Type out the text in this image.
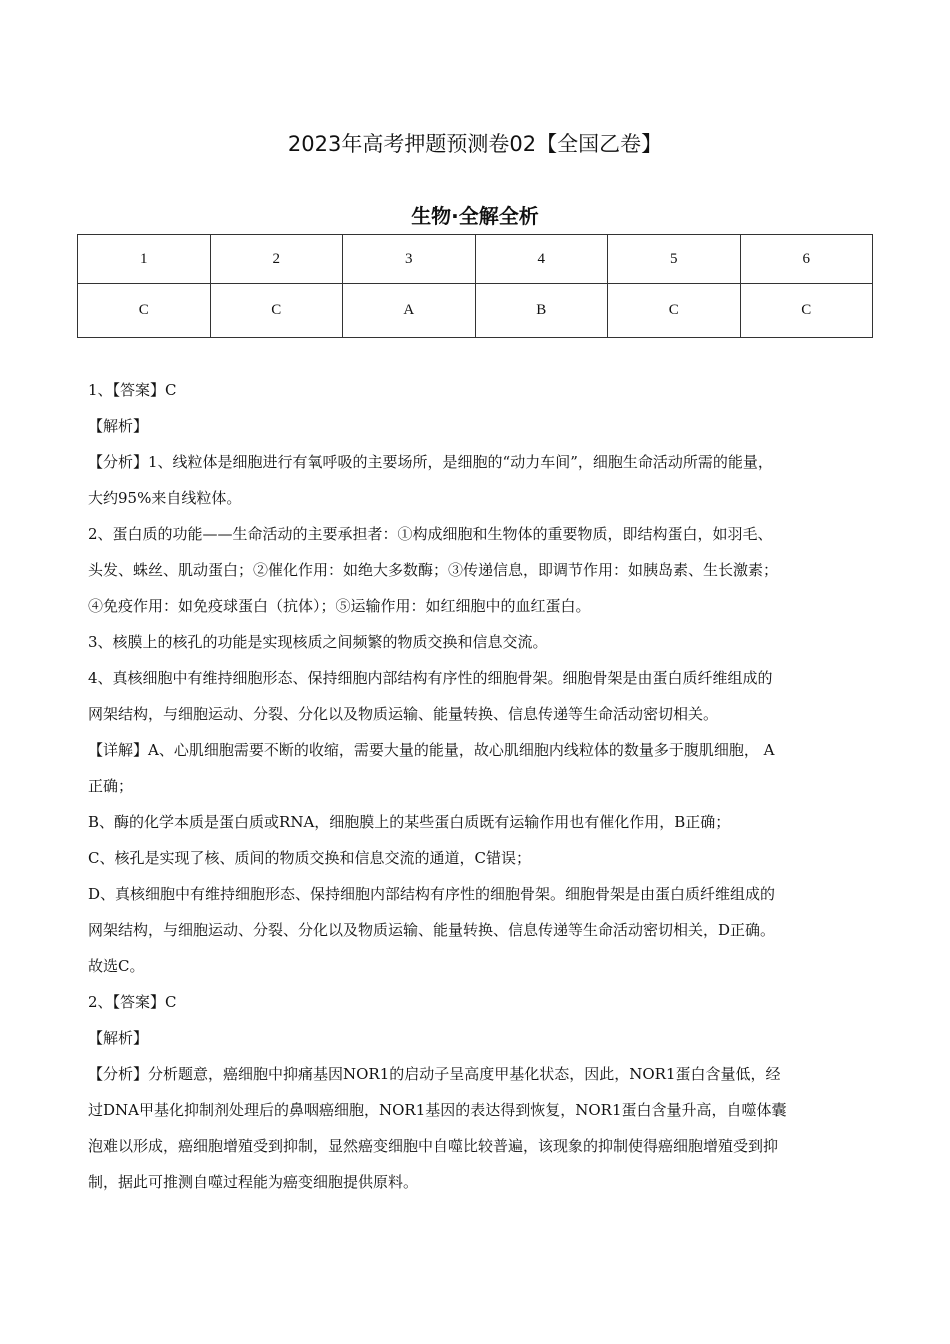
2023年高考押题预测卷02【全国乙卷】
生物·全解全析
1	2	3	4	5	6
C	C	A	B	C	C

1、【答案】C

【解析】

【分析】1、线粒体是细胞进行有氧呼吸的主要场所，是细胞的“动力车间”，细胞生命活动所需的能量，

大约95%来自线粒体。

2、蛋白质的功能——生命活动的主要承担者：①构成细胞和生物体的重要物质，即结构蛋白，如羽毛、

头发、蛛丝、肌动蛋白；②催化作用：如绝大多数酶；③传递信息，即调节作用：如胰岛素、生长激素；

④免疫作用：如免疫球蛋白（抗体）；⑤运输作用：如红细胞中的血红蛋白。

3、核膜上的核孔的功能是实现核质之间频繁的物质交换和信息交流。

4、真核细胞中有维持细胞形态、保持细胞内部结构有序性的细胞骨架。细胞骨架是由蛋白质纤维组成的

网架结构，与细胞运动、分裂、分化以及物质运输、能量转换、信息传递等生命活动密切相关。

【详解】A、心肌细胞需要不断的收缩，需要大量的能量，故心肌细胞内线粒体的数量多于腹肌细胞， A

正确；

B、酶的化学本质是蛋白质或RNA，细胞膜上的某些蛋白质既有运输作用也有催化作用，B正确；

C、核孔是实现了核、质间的物质交换和信息交流的通道，C错误；

D、真核细胞中有维持细胞形态、保持细胞内部结构有序性的细胞骨架。细胞骨架是由蛋白质纤维组成的

网架结构，与细胞运动、分裂、分化以及物质运输、能量转换、信息传递等生命活动密切相关，D正确。

故选C。

2、【答案】C

【解析】

【分析】分析题意，癌细胞中抑痛基因NOR1的启动子呈高度甲基化状态，因此，NOR1蛋白含量低，经

过DNA甲基化抑制剂处理后的鼻咽癌细胞，NOR1基因的表达得到恢复，NOR1蛋白含量升高，自噬体囊

泡难以形成，癌细胞增殖受到抑制，显然癌变细胞中自噬比较普遍，该现象的抑制使得癌细胞增殖受到抑

制，据此可推测自噬过程能为癌变细胞提供原料。
